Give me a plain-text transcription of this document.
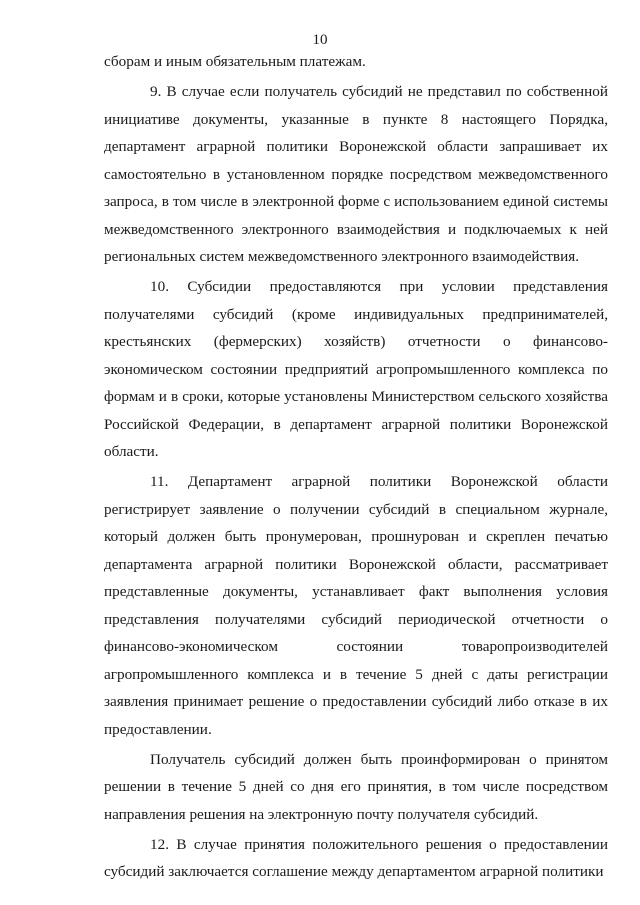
10

сборам и иным обязательным платежам.

9. В случае если получатель субсидий не представил по собственной инициативе документы, указанные в пункте 8 настоящего Порядка, департамент аграрной политики Воронежской области запрашивает их самостоятельно в установленном порядке посредством межведомственного запроса, в том числе в электронной форме с использованием единой системы межведомственного электронного взаимодействия и подключаемых к ней региональных систем межведомственного электронного взаимодействия.

10. Субсидии предоставляются при условии представления получателями субсидий (кроме индивидуальных предпринимателей, крестьянских (фермерских) хозяйств) отчетности о финансово-экономическом состоянии предприятий агропромышленного комплекса по формам и в сроки, которые установлены Министерством сельского хозяйства Российской Федерации, в департамент аграрной политики Воронежской области.

11. Департамент аграрной политики Воронежской области регистрирует заявление о получении субсидий в специальном журнале, который должен быть пронумерован, прошнурован и скреплен печатью департамента аграрной политики Воронежской области, рассматривает представленные документы, устанавливает факт выполнения условия представления получателями субсидий периодической отчетности о финансово-экономическом состоянии товаропроизводителей агропромышленного комплекса и в течение 5 дней с даты регистрации заявления принимает решение о предоставлении субсидий либо отказе в их предоставлении.

Получатель субсидий должен быть проинформирован о принятом решении в течение 5 дней со дня его принятия, в том числе посредством направления решения на электронную почту получателя субсидий.

12. В случае принятия положительного решения о предоставлении субсидий заключается соглашение между департаментом аграрной политики
